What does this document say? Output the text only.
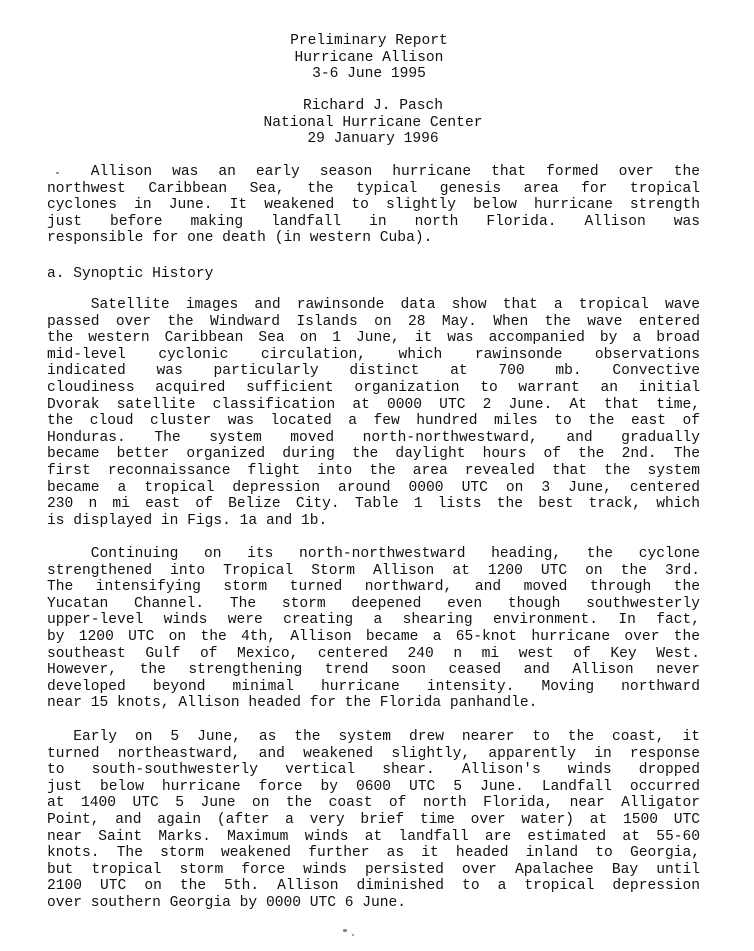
Preliminary Report
Hurricane Allison
3-6 June 1995
Richard J. Pasch
National Hurricane Center
29 January 1996
Allison was an early season hurricane that formed over the
northwest Caribbean Sea, the typical genesis area for tropical
cyclones in June. It weakened to slightly below hurricane strength
just before making landfall in north Florida. Allison was
responsible for one death (in western Cuba).
a. Synoptic History
Satellite images and rawinsonde data show that a tropical wave
passed over the Windward Islands on 28 May. When the wave entered
the western Caribbean Sea on 1 June, it was accompanied by a broad
mid-level cyclonic circulation, which rawinsonde observations
indicated was particularly distinct at 700 mb. Convective
cloudiness acquired sufficient organization to warrant an initial
Dvorak satellite classification at 0000 UTC 2 June. At that time,
the cloud cluster was located a few hundred miles to the east of
Honduras. The system moved north-northwestward, and gradually
became better organized during the daylight hours of the 2nd. The
first reconnaissance flight into the area revealed that the system
became a tropical depression around 0000 UTC on 3 June, centered
230 n mi east of Belize City. Table 1 lists the best track, which
is displayed in Figs. 1a and 1b.
Continuing on its north-northwestward heading, the cyclone
strengthened into Tropical Storm Allison at 1200 UTC on the 3rd.
The intensifying storm turned northward, and moved through the
Yucatan Channel. The storm deepened even though southwesterly
upper-level winds were creating a shearing environment. In fact,
by 1200 UTC on the 4th, Allison became a 65-knot hurricane over the
southeast Gulf of Mexico, centered 240 n mi west of Key West.
However, the strengthening trend soon ceased and Allison never
developed beyond minimal hurricane intensity. Moving northward
near 15 knots, Allison headed for the Florida panhandle.
Early on 5 June, as the system drew nearer to the coast, it
turned northeastward, and weakened slightly, apparently in response
to south-southwesterly vertical shear. Allison's winds dropped
just below hurricane force by 0600 UTC 5 June. Landfall occurred
at 1400 UTC 5 June on the coast of north Florida, near Alligator
Point, and again (after a very brief time over water) at 1500 UTC
near Saint Marks. Maximum winds at landfall are estimated at 55-60
knots. The storm weakened further as it headed inland to Georgia,
but tropical storm force winds persisted over Apalachee Bay until
2100 UTC on the 5th. Allison diminished to a tropical depression
over southern Georgia by 0000 UTC 6 June.
